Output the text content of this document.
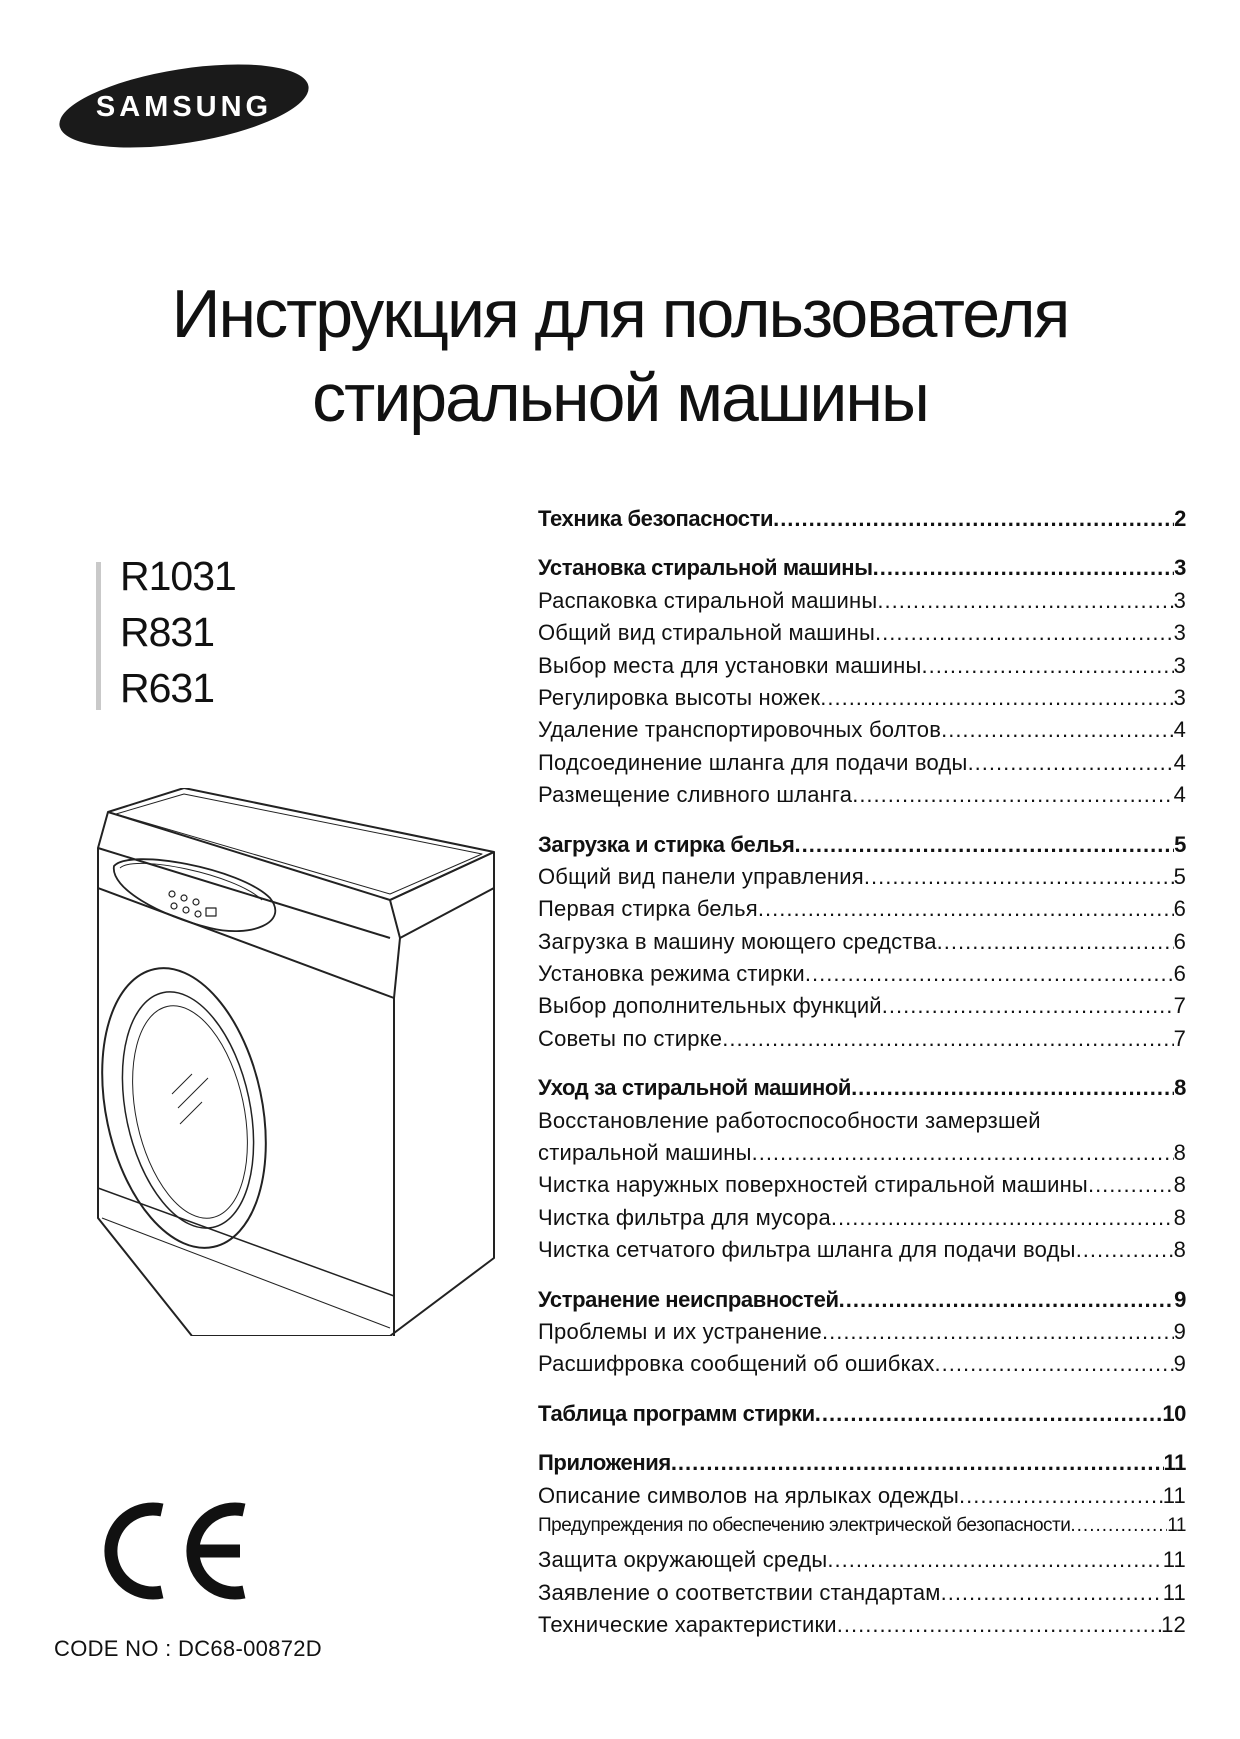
SAMSUNG
Инструкция для пользователя
стиральной машины
R1031
R831
R631
Техника безопасности .....	2
Установка стиральной машины .....	3
Распаковка стиральной машины .....	3
Общий вид стиральной машины .....	3
Выбор места для установки машины .....	3
Регулировка высоты ножек .....	3
Удаление транспортировочных болтов .....	4
Подсоединение шланга для подачи воды .....	4
Размещение сливного шланга .....	4
Загрузка и стирка белья .....	5
Общий вид панели управления .....	5
Первая стирка белья .....	6
Загрузка в машину моющего средства .....	6
Установка режима стирки .....	6
Выбор дополнительных функций .....	7
Советы по стирке .....	7
Уход за стиральной машиной .....	8
Восстановление работоспособности замерзшей
стиральной машины .....	8
Чистка наружных поверхностей стиральной машины .....	8
Чистка фильтра для мусора .....	8
Чистка сетчатого фильтра шланга для подачи воды .....	8
Устранение неисправностей .....	9
Проблемы и их устранение .....	9
Расшифровка сообщений об ошибках .....	9
Таблица программ стирки .....	10
Приложения .....	11
Описание символов на ярлыках одежды .....	11
Предупреждения по обеспечению электрической безопасности .....	11
Защита окружающей среды .....	11
Заявление о соответствии стандартам .....	11
Технические характеристики .....	12
CODE NO : DC68-00872D
